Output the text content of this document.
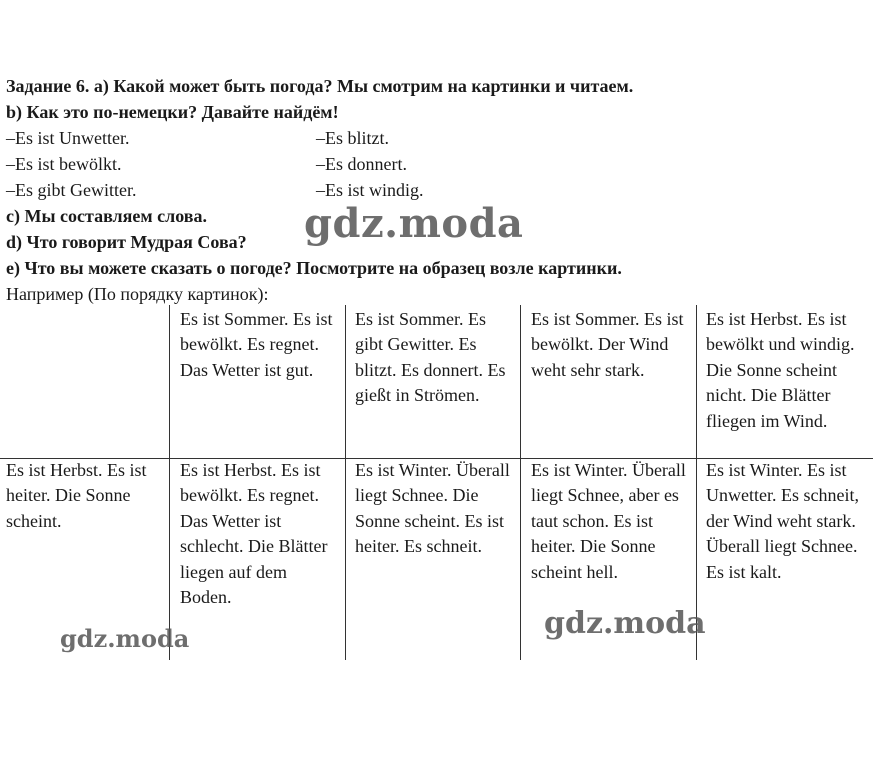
Задание 6. a) Какой может быть погода? Мы смотрим на картинки и читаем.
b) Как это по-немецки? Давайте найдём!
–Es ist Unwetter.
–Es ist bewölkt.
–Es gibt Gewitter.
–Es blitzt.
–Es donnert.
–Es ist windig.
c) Мы составляем слова.
d) Что говорит Мудрая Сова?
e) Что вы можете сказать о погоде? Посмотрите на образец возле картинки.
Например (По порядку картинок):
Es ist Sommer. Es ist bewölkt. Es regnet. Das Wetter ist gut.
Es ist Sommer. Es gibt Gewitter. Es blitzt. Es donnert. Es gießt in Strömen.
Es ist Sommer. Es ist bewölkt. Der Wind weht sehr stark.
Es ist Herbst. Es ist bewölkt und windig. Die Sonne scheint nicht. Die Blätter fliegen im Wind.
Es ist Herbst. Es ist heiter. Die Sonne scheint.
Es ist Herbst. Es ist bewölkt. Es regnet. Das Wetter ist schlecht. Die Blätter liegen auf dem Boden.
Es ist Winter. Überall liegt Schnee. Die Sonne scheint. Es ist heiter. Es schneit.
Es ist Winter. Überall liegt Schnee, aber es taut schon. Es ist heiter. Die Sonne scheint hell.
Es ist Winter. Es ist Unwetter. Es schneit, der Wind weht stark. Überall liegt Schnee. Es ist kalt.
gdz.moda
gdz.moda	gdz.moda
